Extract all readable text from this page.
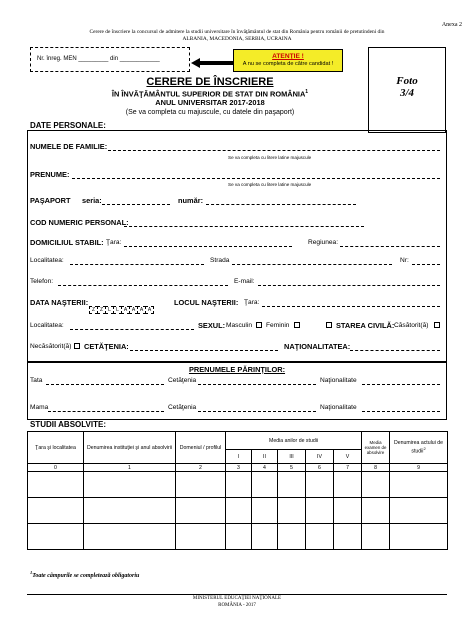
Anexa 2
Cerere de înscriere la concursul de admitere la studii universitare în învăţământul de stat din România pentru românii de pretutindeni din
ALBANIA, MACEDONIA, SERBIA, UCRAINA
Nr. înreg. MEN _________ din ____________	ATENŢIE !
A nu se completa de către candidat !
Foto
3/4
CERERE DE ÎNSCRIERE
ÎN ÎNVĂŢĂMÂNTUL SUPERIOR DE STAT DIN ROMÂNIA$^1$
ANUL UNIVERSITAR 2017-2018
(Se va completa cu majuscule, cu datele din paşaport)
DATE PERSONALE:
NUMELE DE FAMILIE:
Se va completa cu litere latine majuscule
PRENUME:
Se va completa cu litere latine majuscule
PAŞAPORT seria:	număr:
COD NUMERIC PERSONAL:
DOMICILIUL STABIL: Ţara:	Regiunea:
Localitatea:	Strada	Nr:
Telefon:	E-mail:
DATA NAŞTERII:
Z Z	L	L A A A A
LOCUL NAŞTERII: Ţara:
Localitatea:	SEXUL: Masculin Feminin	STAREA CIVILĂ: Căsătorit(ă)
Necăsătorit(ă) CETĂŢENIA:	NAŢIONALITATEA:
PRENUMELE PĂRINŢILOR:
Tata	Cetăţenia	Naţionalitate
Mama	Cetăţenia	Naţionalitate
STUDII ABSOLVITE:
Ţara şi localitatea	Denumirea instituţiei şi anul absolvirii	Domeniul / profilul	Media anilor de studii					Media examen de absolvire	Denumirea actului de studii$^2$
			I	II	III	IV	V		
0	1	2	3	4	5	6	7	8	9

$^1$Toate câmpurile se completează obligatoriu
MINISTERUL EDUCAŢIEI NAŢIONALE
ROMÂNIA - 2017
